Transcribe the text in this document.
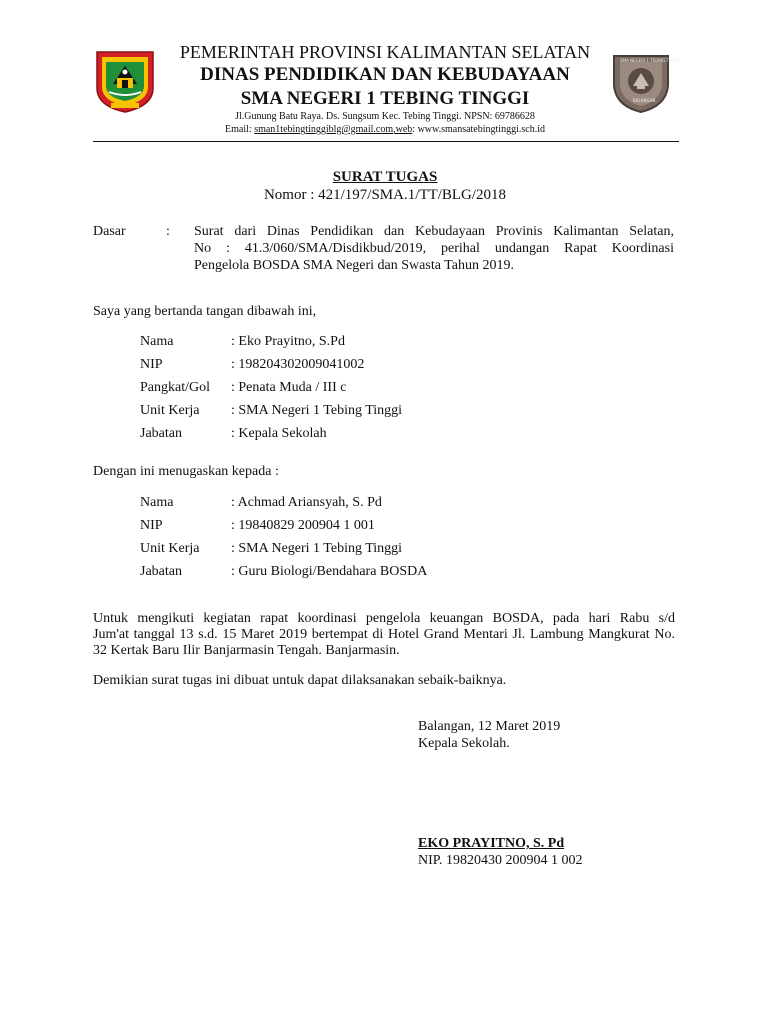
SMA NEGERI 1 TEBING TINGGI
BALANGAN
PEMERINTAH PROVINSI KALIMANTAN SELATAN
DINAS PENDIDIKAN DAN KEBUDAYAAN
SMA NEGERI 1 TEBING TINGGI
Jl.Gunung Batu Raya. Ds. Sungsum Kec. Tebing Tinggi. NPSN: 69786628
Email: sman1tebingtinggiblg@gmail.com,web: www.smansatebingtinggi.sch.id
SURAT TUGAS
Nomor : 421/197/SMA.1/TT/BLG/2018
Dasar	: Surat dari Dinas Pendidikan dan Kebudayaan Provinis Kalimantan Selatan,
No : 41.3/060/SMA/Disdikbud/2019, perihal undangan Rapat Koordinasi
Pengelola BOSDA SMA Negeri dan Swasta Tahun 2019.
Saya yang bertanda tangan dibawah ini,
Nama	: Eko Prayitno, S.Pd
NIP	: 198204302009041002
Pangkat/Gol : Penata Muda / III c
Unit Kerja : SMA Negeri 1 Tebing Tinggi
Jabatan	: Kepala Sekolah
Dengan ini menugaskan kepada :
Nama	: Achmad Ariansyah, S. Pd
NIP	: 19840829 200904 1 001
Unit Kerja : SMA Negeri 1 Tebing Tinggi
Jabatan	: Guru Biologi/Bendahara BOSDA
Untuk mengikuti kegiatan rapat koordinasi pengelola keuangan BOSDA, pada hari Rabu s/d
Jum'at tanggal 13 s.d. 15 Maret 2019 bertempat di Hotel Grand Mentari Jl. Lambung Mangkurat No.
32 Kertak Baru Ilir Banjarmasin Tengah. Banjarmasin.
Demikian surat tugas ini dibuat untuk dapat dilaksanakan sebaik-baiknya.
Balangan, 12 Maret 2019
Kepala Sekolah.
EKO PRAYITNO, S. Pd
NIP. 19820430 200904 1 002
